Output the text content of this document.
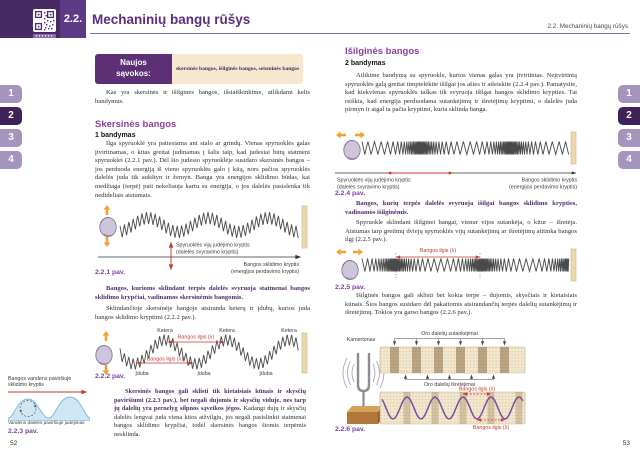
2.2. Mechaninių bangų rūšys	2.2. Mechaninių bangų rūšys
1
2
3
4
1
2
3
4
Naujos sąvokos:	skersinės bangos, išilginės bangos, seisminės bangos
Kas yra skersinės ir išilginės bangos, išsiaiškinkime, atlikdami kelis bandymus.
Skersinės bangos
1 bandymas
Ilga spyruoklė yra patiesiama ant stalo ar grindų. Vienas spyruoklės galas įtvirtinamas, o kitas greitai judinamas į šalis taip, kad judesiai būtų statmeni spyruoklei (2.2.1 pav.). Dėl šio judesio spyruoklėje susidaro skersinės bangos – jos perduoda energiją iš vieno spyruoklės galo į kitą, nors pačios spyruoklės dalelės juda tik aukštyn ir žemyn. Banga yra energijos sklidimo būdas, kai medžiaga (terpė) pati nekeliauja kartu su energija, o jos dalelės pasislenka tik nedideliais atstumais.
Spyruoklės vijų judėjimo kryptis
(dalelės svyravimo kryptis)
Bangos sklidimo kryptis
(energijos perdavimo kryptis)
2.2.1 pav.
Bangos, kurioms sklindant terpės dalelės svyruoja statmenai bangos sklidimo krypčiai, vadinamos skersinėmis bangomis.
Sklindančioje skersinėje bangoje atsiranda keterų ir įdubų, kurios juda bangos sklidimo kryptimi (2.2.2 pav.).
Ketera	Ketera	Ketera
Bangos ilgis (λ)
Bangos ilgis (λ)
Įduba	Įduba	Įduba
2.2.2 pav.
Skersinės bangos gali sklisti tik kietaisiais kūnais ir skysčių paviršiumi (2.2.3 pav.), bet negali dujomis ir skysčių viduje, nes tarp jų dalelių yra pernelyg silpnos sąveikos jėgos. Kadangi dujų ir skysčių dalelės lengvai juda viena kitos atžvilgiu, jos negali pasislinkti statmenai bangos sklidimo krypčiai, todėl skersinės bangos šiomis terpėmis nesklinda.
Bangos vandens paviršiuje
sklidimo kryptis
Vandens dalelės paviršiuje judėjimas
2.2.3 pav.
52
Išilginės bangos
2 bandymas
Atlikime bandymą su spyruokle, kurios vienas galas yra įtvirtintas. Neįtvirtintą spyruoklės galą greitai timptelėkite išilgai jos ašies ir atleiskite (2.2.4 pav.). Pamatysite, kad kiekvienas spyruoklės taškas tik svyruoja išilgai bangos sklidimo krypties. Tai reiškia, kad energija perduodama sutankėjimų ir išretėjimų kryptimi, o dalelės juda pirmyn ir atgal ta pačia kryptimi, kuria sklinda banga.
Spyruoklės vijų judėjimo kryptis
(dalelės svyravimo kryptis)
Bangos sklidimo kryptis
(energijos perdavimo kryptis)
2.2.4 pav.
Bangos, kurių terpės dalelės svyruoja išilgai bangos sklidimo krypties, vadinamos išilginėmis.
Spyruokle sklindant išilginei bangai, vienur vijos sutankėja, o kitur – išretėja. Atstumas tarp gretimų dviejų spyruoklės vijų sutankėjimų ar išretėjimų atitinka bangos ilgį (2.2.5 pav.).
Bangos ilgis (λ)
2.2.5 pav.
Išilginės bangos gali sklisti bet kokia terpe – dujomis, skysčiais ir kietaisiais kūnais. Šios bangos susidaro dėl pakaitomis atsirandančių terpės dalelių sutankėjimų ir išretėjimų. Tokios yra garso bangos (2.2.6 pav.).
Kamertonas
Oro dalelių sutankėjimai
Oro dalelių išretėjimai
Bangos ilgis (λ)
Bangos ilgis (λ)
2.2.6 pav.
53
